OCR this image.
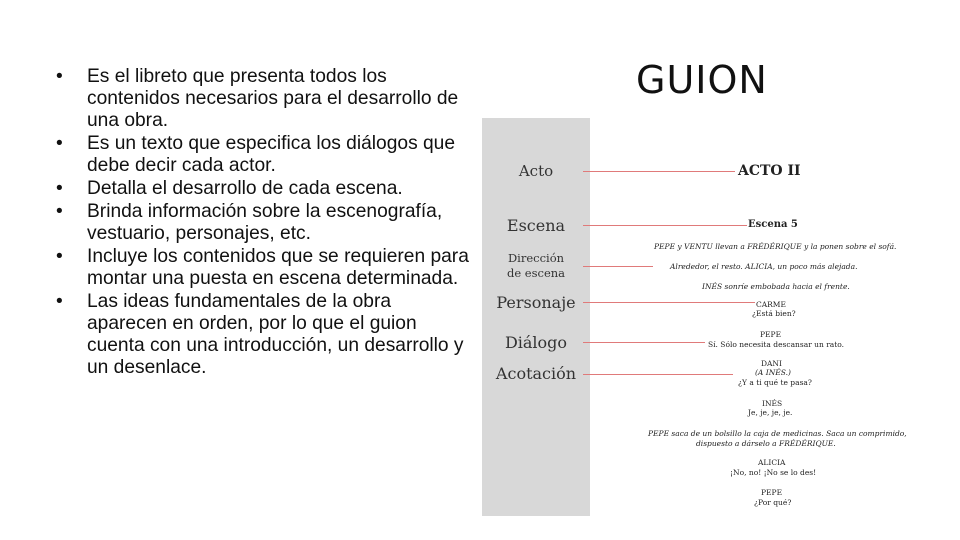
GUION
• Es el libreto que presenta todos los contenidos necesarios para el desarrollo de una obra.
• Es un texto que especifica los diálogos que debe decir cada actor.
• Detalla el desarrollo de cada escena.
• Brinda información sobre la escenografía, vestuario, personajes, etc.
• Incluye los contenidos que se requieren para montar una puesta en escena determinada.
• Las ideas fundamentales de la obra aparecen en orden, por lo que el guion cuenta con una introducción, un desarrollo y un desenlace.
Acto
Escena
Dirección
de escena
Personaje
Diálogo
Acotación
ACTO II
Escena 5
PEPE y VENTU llevan a FRÉDÉRIQUE y la ponen sobre el sofá.
Alrededor, el resto. ALICIA, un poco más alejada.
INÉS sonríe embobada hacia el frente.
CARME
¿Está bien?
PEPE
Sí. Sólo necesita descansar un rato.
DANI
(A INÉS.)
¿Y a ti qué te pasa?
INÉS
Je, je, je, je.
PEPE saca de un bolsillo la caja de medicinas. Saca un comprimido,
dispuesto a dárselo a FRÉDÉRIQUE.
ALICIA
¡No, no! ¡No se lo des!
PEPE
¿Por qué?
